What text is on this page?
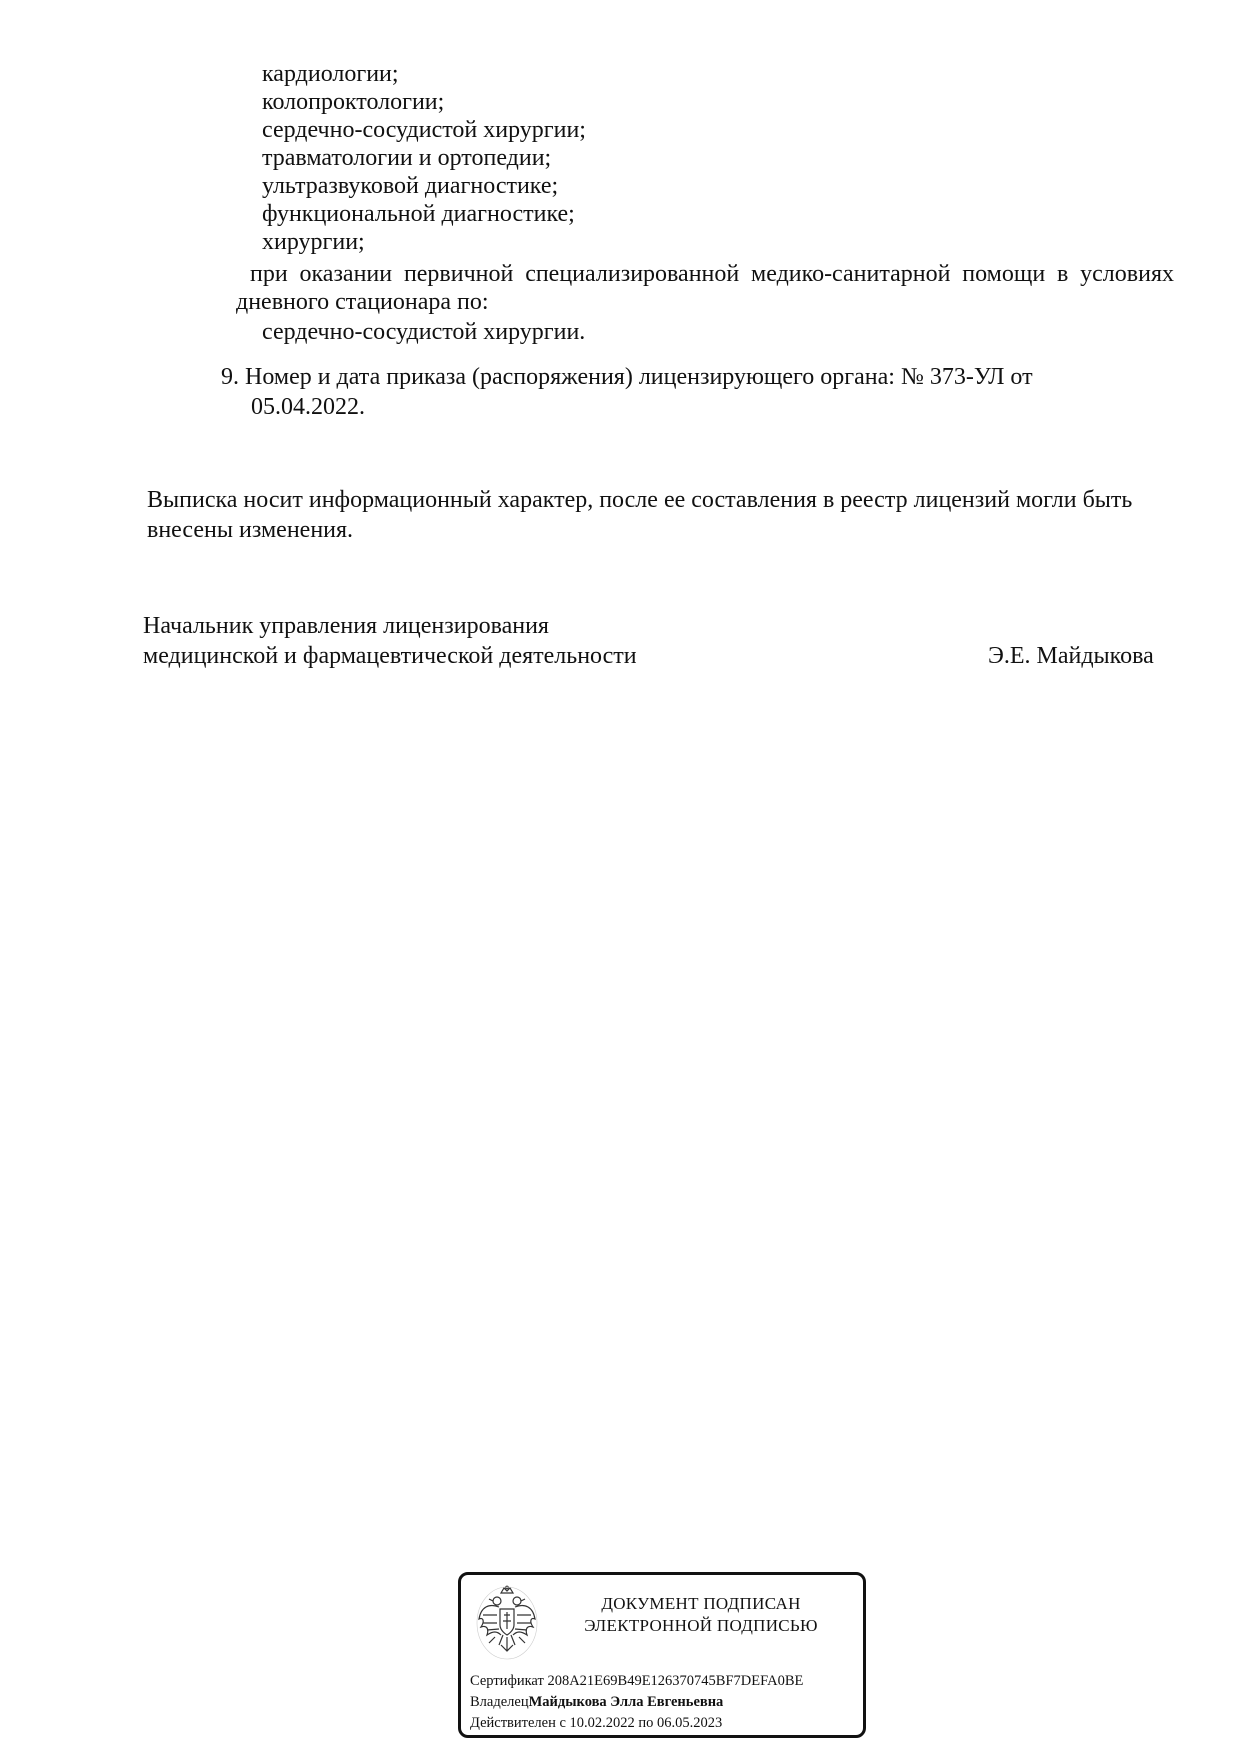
кардиологии;
колопроктологии;
сердечно-сосудистой хирургии;
травматологии и ортопедии;
ультразвуковой диагностике;
функциональной диагностике;
хирургии;
при оказании первичной специализированной медико-санитарной помощи в условиях
дневного стационара по:
сердечно-сосудистой хирургии.
9. Номер и дата приказа (распоряжения) лицензирующего органа: № 373-УЛ от
05.04.2022.
Выписка носит информационный характер, после ее составления в реестр лицензий могли быть
внесены изменения.
Начальник управления лицензирования
медицинской и фармацевтической деятельности	Э.Е. Майдыкова
ДОКУМЕНТ ПОДПИСАН
ЭЛЕКТРОННОЙ ПОДПИСЬЮ
Сертификат 208A21E69B49E126370745BF7DEFA0BE
ВладелецМайдыкова Элла Евгеньевна
Действителен с 10.02.2022 по 06.05.2023
